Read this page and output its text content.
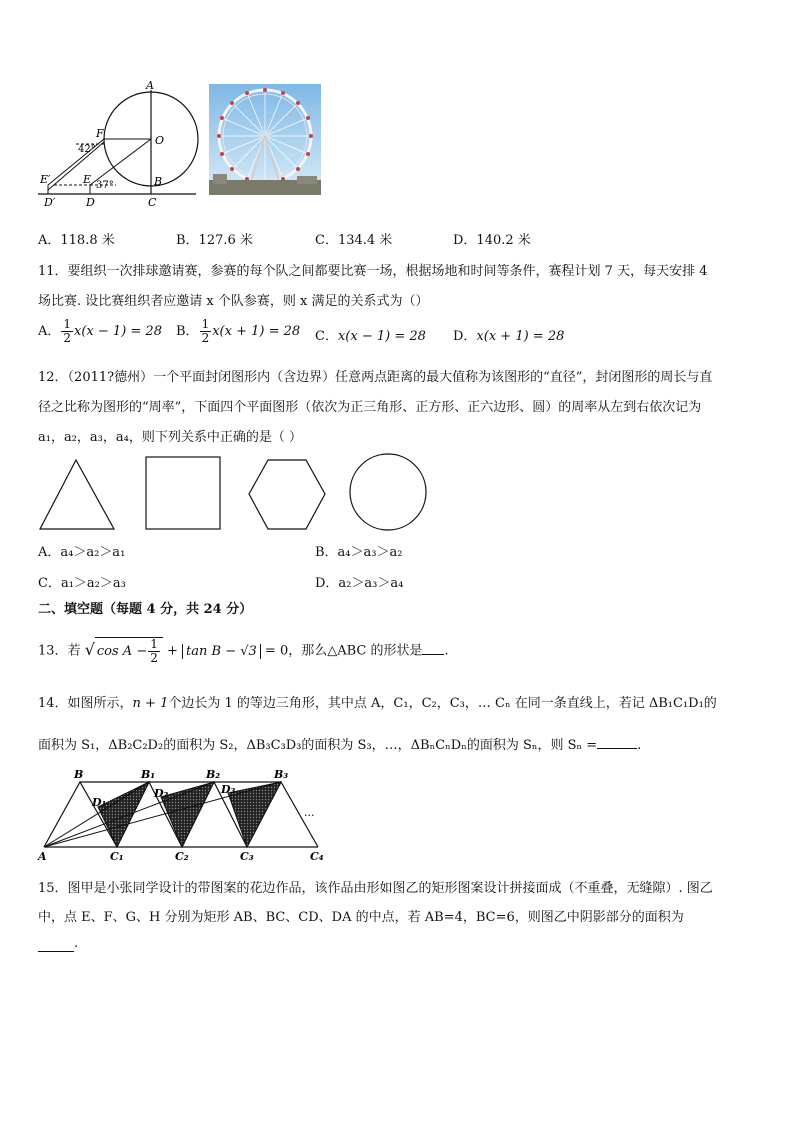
A
O
F
42°
E′	E 37°	B
D′	D	C
A．118.8 米	B．127.6 米	C．134.4 米	D．140.2 米
11．要组织一次排球邀请赛，参赛的每个队之间都要比赛一场，根据场地和时间等条件，赛程计划 7 天，每天安排 4
场比赛. 设比赛组织者应邀请 x 个队参赛，则 x 满足的关系式为（）
A． $\frac{1}{2} x(x - 1) = 28$ B． $\frac{1}{2} x(x + 1) = 28$ C．x(x − 1) = 28 D．x(x + 1) = 28
12．（2011?德州）一个平面封闭图形内（含边界）任意两点距离的最大值称为该图形的“直径”，封闭图形的周长与直
径之比称为图形的“周率”，下面四个平面图形（依次为正三角形、正方形、正六边形、圆）的周率从左到右依次记为
a₁，a₂，a₃，a₄，则下列关系中正确的是（ ）
A．a₄＞a₂＞a₁	B．a₄＞a₃＞a₂
C．a₁＞a₂＞a₃	D．a₂＞a₃＞a₄
二、填空题（每题 4 分，共 24 分）
13．若 √ $\cos A - \frac{1}{2} + \tan B - √3 = 0$，那么△ABC 的形状是 .
14．如图所示，n + 1个边长为 1 的等边三角形，其中点 A，C₁，C₂，C₃，… Cₙ 在同一条直线上，若记 ΔB₁C₁D₁的
面积为 S₁，ΔB₂C₂D₂的面积为 S₂，ΔB₃C₃D₃的面积为 S₃，…，ΔBₙCₙDₙ的面积为 Sₙ，则 Sₙ =	.
A
B	B₁	B₂	B₃
C₁	C₂	C₃	C₄
D₁
D₂	D₃
...
15．图甲是小张同学设计的带图案的花边作品，该作品由形如图乙的矩形图案设计拼接面成（不重叠，无缝隙）. 图乙
中，点 E、F、G、H 分别为矩形 AB、BC、CD、DA 的中点，若 AB=4，BC=6，则图乙中阴影部分的面积为
.
